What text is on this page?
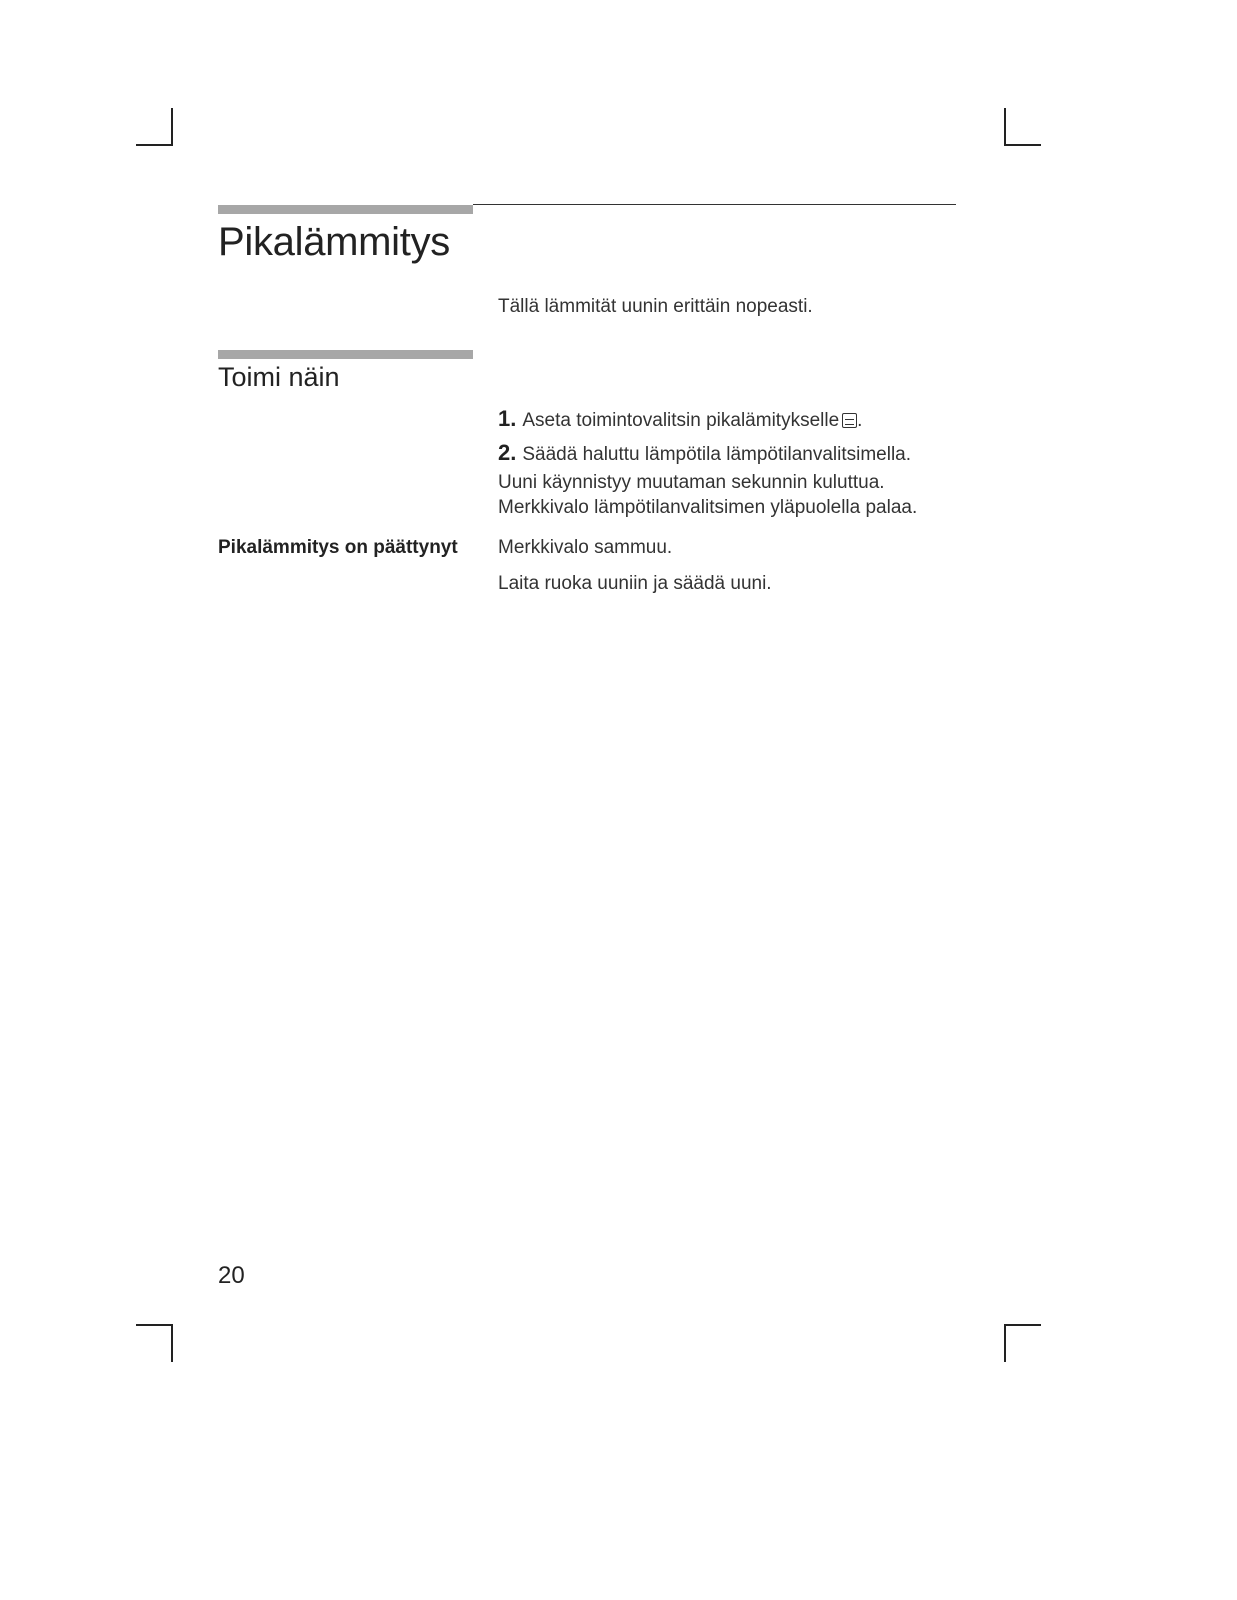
Pikalämmitys
Tällä lämmität uunin erittäin nopeasti.
Toimi näin
1. Aseta toimintovalitsin pikalämitykselle .
2. Säädä haluttu lämpötila lämpötilanvalitsimella.
Uuni käynnistyy muutaman sekunnin kuluttua.
Merkkivalo lämpötilanvalitsimen yläpuolella palaa.
Pikalämmitys on päättynyt Merkkivalo sammuu.
Laita ruoka uuniin ja säädä uuni.
20
